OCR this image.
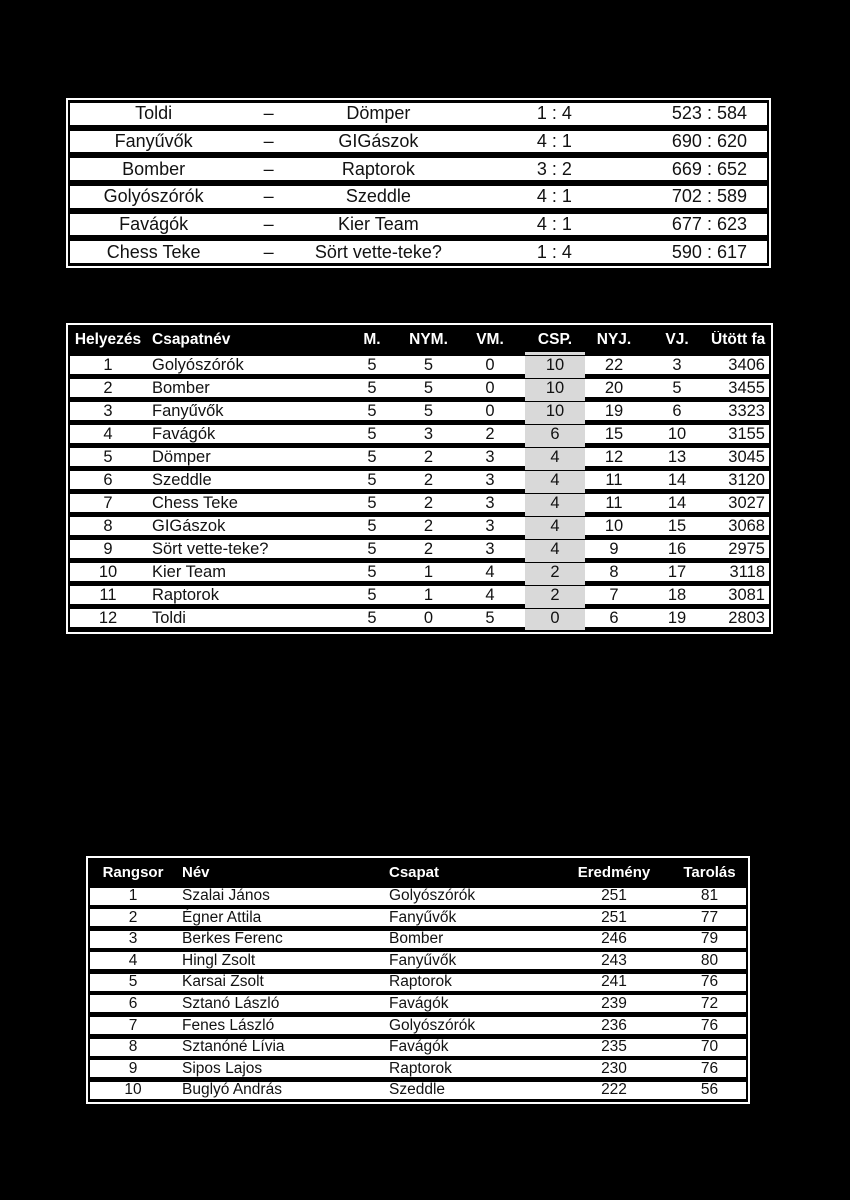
Toldi	–	Dömper	1 : 4	523 : 584
Fanyűvők	–	GIGászok	4 : 1	690 : 620
Bomber	–	Raptorok	3 : 2	669 : 652
Golyószórók	–	Szeddle	4 : 1	702 : 589
Favágók	–	Kier Team	4 : 1	677 : 623
Chess Teke	–	Sört vette-teke?	1 : 4	590 : 617
Helyezés Csapatnév	M.	NYM.	VM.	CSP.	NYJ.	VJ.	Ütött fa
1	Golyószórók	5	5	0	10	22	3	3406
2	Bomber	5	5	0	10	20	5	3455
3	Fanyűvők	5	5	0	10	19	6	3323
4	Favágók	5	3	2	6	15	10	3155
5	Dömper	5	2	3	4	12	13	3045
6	Szeddle	5	2	3	4	11	14	3120
7	Chess Teke	5	2	3	4	11	14	3027
8	GIGászok	5	2	3	4	10	15	3068
9	Sört vette-teke?	5	2	3	4	9	16	2975
10	Kier Team	5	1	4	2	8	17	3118
11	Raptorok	5	1	4	2	7	18	3081
12	Toldi	5	0	5	0	6	19	2803
Rangsor	Név	Csapat	Eredmény	Tarolás
1	Szalai János	Golyószórók	251	81
2	Égner Attila	Fanyűvők	251	77
3	Berkes Ferenc	Bomber	246	79
4	Hingl Zsolt	Fanyűvők	243	80
5	Karsai Zsolt	Raptorok	241	76
6	Sztanó László	Favágók	239	72
7	Fenes László	Golyószórók	236	76
8	Sztanóné Lívia	Favágók	235	70
9	Sipos Lajos	Raptorok	230	76
10	Buglyó András	Szeddle	222	56
